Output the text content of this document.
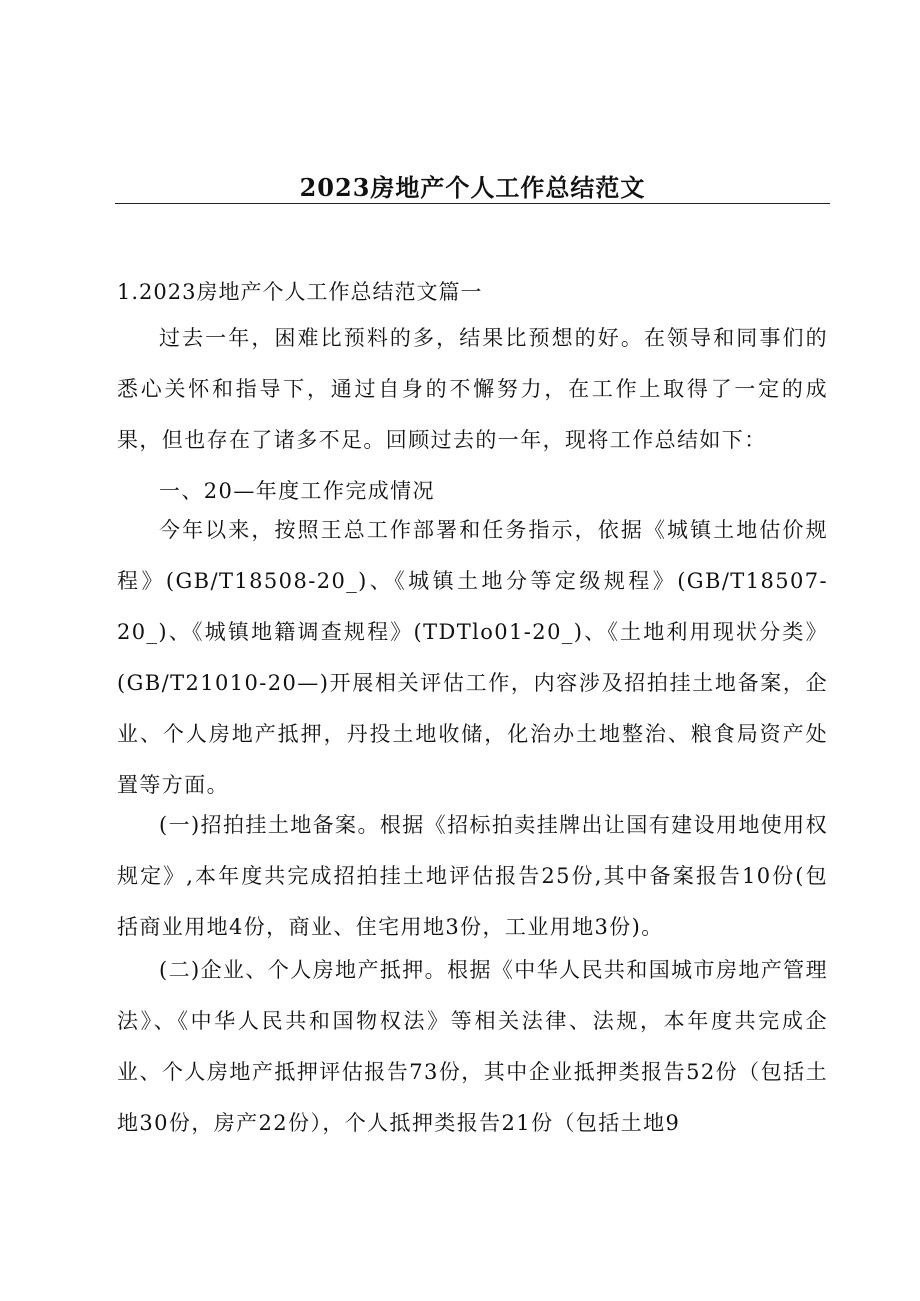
2023房地产个人工作总结范文
1.2023房地产个人工作总结范文篇一

过去一年，困难比预料的多，结果比预想的好。在领导和同事们的悉心关怀和指导下，通过自身的不懈努力，在工作上取得了一定的成果，但也存在了诸多不足。回顾过去的一年，现将工作总结如下：

一、20—年度工作完成情况

今年以来，按照王总工作部署和任务指示，依据《城镇土地估价规程》(GB/T18508-20_)、《城镇土地分等定级规程》(GB/T18507-20_)、《城镇地籍调查规程》(TDTlo01-20_)、《土地利用现状分类》(GB/T21010-20—)开展相关评估工作，内容涉及招拍挂土地备案，企业、个人房地产抵押，丹投土地收储，化治办土地整治、粮食局资产处置等方面。

(一)招拍挂土地备案。根据《招标拍卖挂牌出让国有建设用地使用权规定》,本年度共完成招拍挂土地评估报告25份,其中备案报告10份(包括商业用地4份，商业、住宅用地3份，工业用地3份)。

(二)企业、个人房地产抵押。根据《中华人民共和国城市房地产管理法》、《中华人民共和国物权法》等相关法律、法规，本年度共完成企业、个人房地产抵押评估报告73份，其中企业抵押类报告52份（包括土地30份，房产22份），个人抵押类报告21份（包括土地9
